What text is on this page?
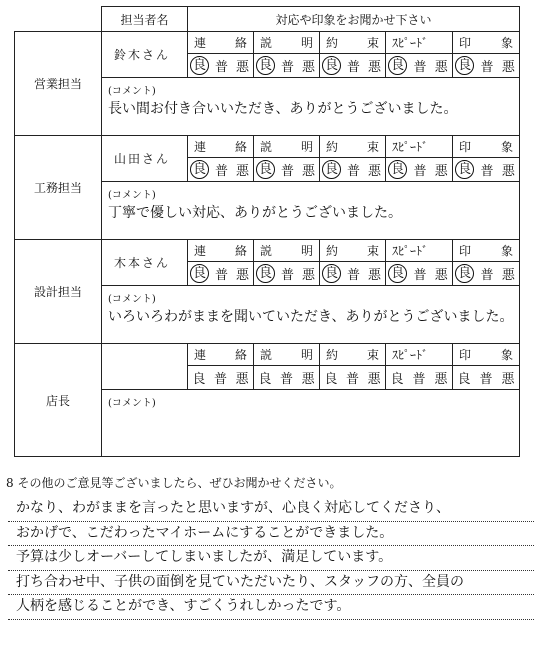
	担当者名	対応や印象をお聞かせ下さい				
営業担当	鈴木さん	連 絡	説 明	約 束	ｽﾋﾟｰﾄﾞ	印 象

		良 普 悪	良 普 悪	良 普 悪	良 普 悪	良 普 悪

	(コメント)
長い間お付き合いいただき、ありがとうございました。					

工務担当	山田さん	連 絡	説 明	約 束	ｽﾋﾟｰﾄﾞ	印 象

		良 普 悪	良 普 悪	良 普 悪	良 普 悪	良 普 悪

	(コメント)
丁寧で優しい対応、ありがとうございました。					

設計担当	木本さん	連 絡	説 明	約 束	ｽﾋﾟｰﾄﾞ	印 象

		良 普 悪	良 普 悪	良 普 悪	良 普 悪	良 普 悪

	(コメント)
いろいろわがままを聞いていただき、ありがとうございました。					

店長		連 絡	説 明	約 束	ｽﾋﾟｰﾄﾞ	印 象

		良 普 悪	良 普 悪	良 普 悪	良 普 悪	良 普 悪

	(コメント)					
8 その他のご意見等ございましたら、ぜひお聞かせください。
かなり、わがままを言ったと思いますが、心良く対応してくださり、
おかげで、こだわったマイホームにすることができました。
予算は少しオーバーしてしまいましたが、満足しています。
打ち合わせ中、子供の面倒を見ていただいたり、スタッフの方、全員の
人柄を感じることができ、すごくうれしかったです。
